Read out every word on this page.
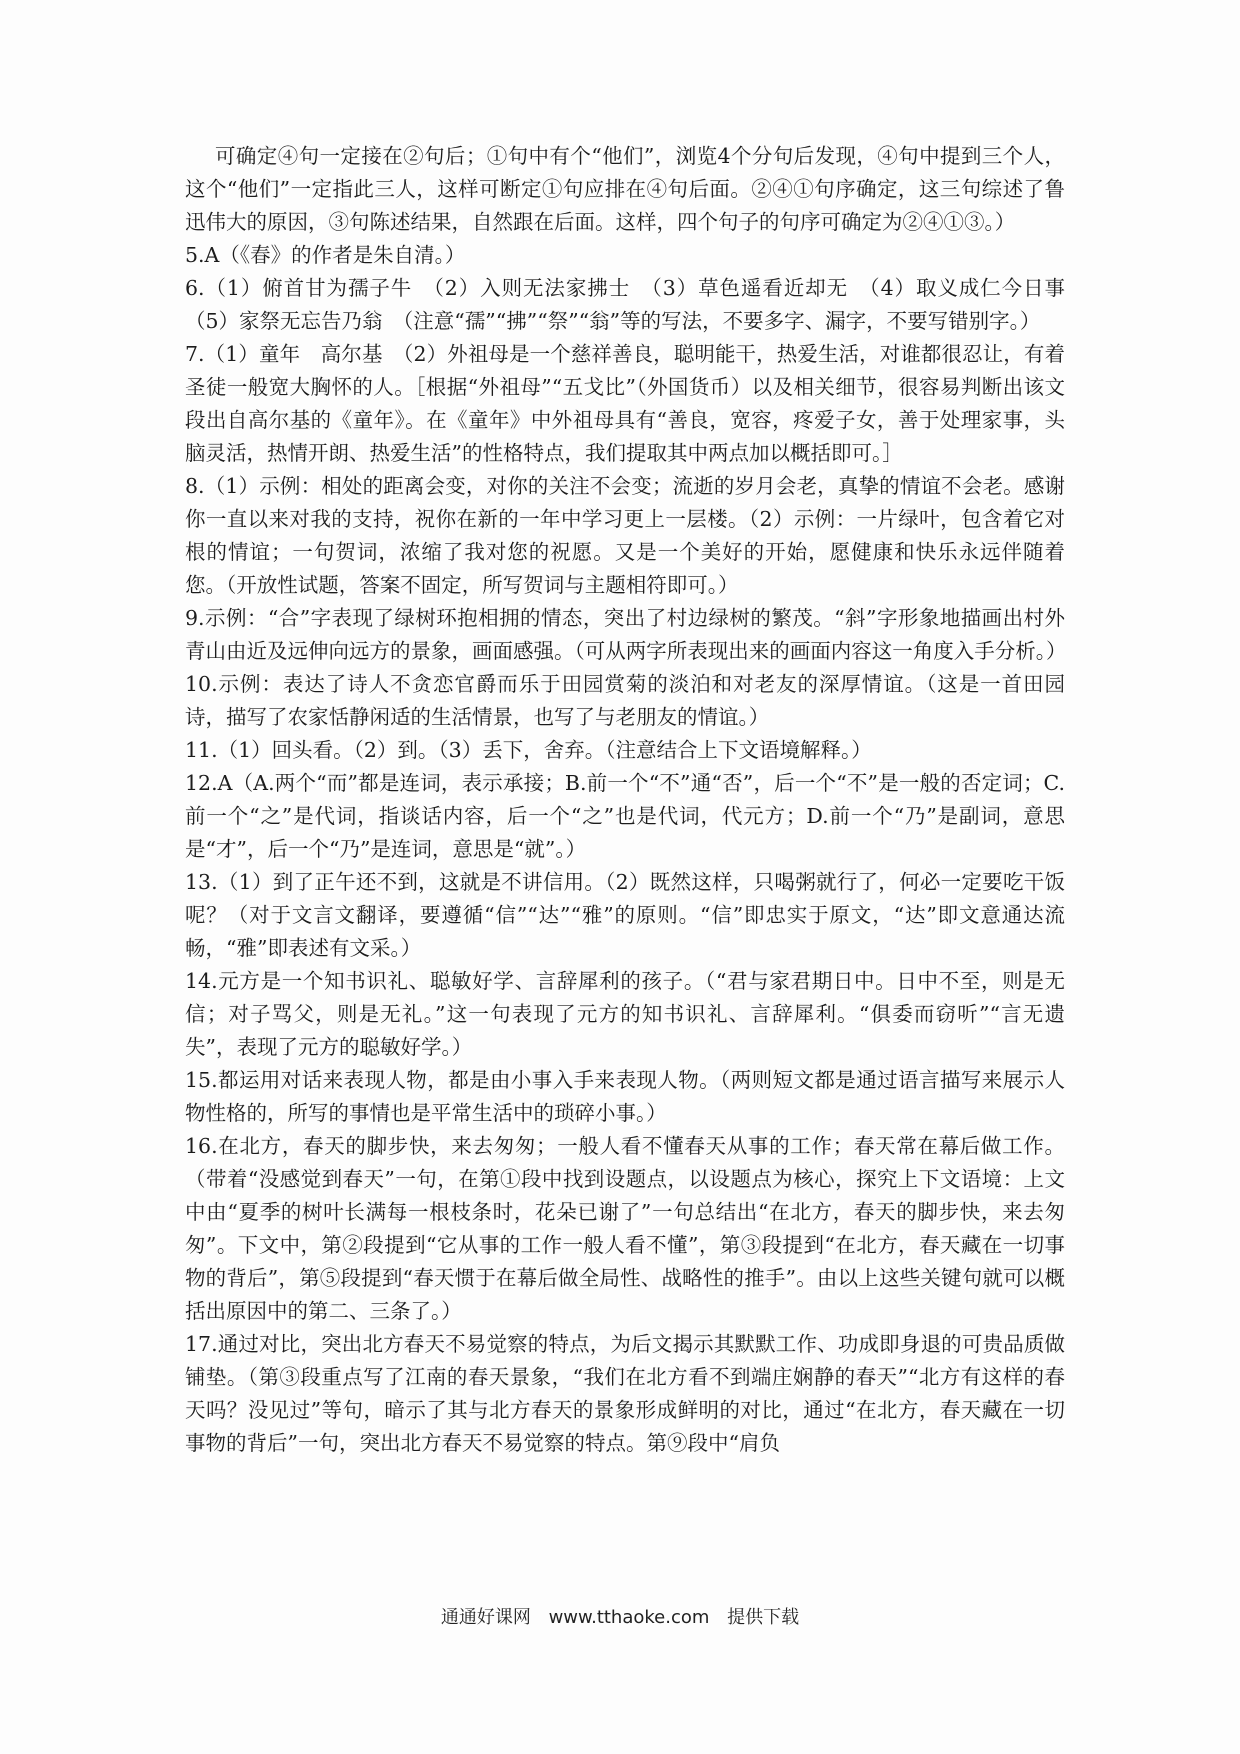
可确定④句一定接在②句后；①句中有个“他们”，浏览4个分句后发现，④句中提到三个人，这个“他们”一定指此三人，这样可断定①句应排在④句后面。②④①句序确定，这三句综述了鲁迅伟大的原因，③句陈述结果，自然跟在后面。这样，四个句子的句序可确定为②④①③。）

5.A（《春》的作者是朱自清。）

6.（1）俯首甘为孺子牛　（2）入则无法家拂士　（3）草色遥看近却无　（4）取义成仁今日事　（5）家祭无忘告乃翁　（注意“孺”“拂”“祭”“翁”等的写法，不要多字、漏字，不要写错别字。）

7.（1）童年　高尔基　（2）外祖母是一个慈祥善良，聪明能干，热爱生活，对谁都很忍让，有着圣徒一般宽大胸怀的人。［根据“外祖母”“五戈比”（外国货币）以及相关细节，很容易判断出该文段出自高尔基的《童年》。在《童年》中外祖母具有“善良，宽容，疼爱子女，善于处理家事，头脑灵活，热情开朗、热爱生活”的性格特点，我们提取其中两点加以概括即可。］

8.（1）示例：相处的距离会变，对你的关注不会变；流逝的岁月会老，真挚的情谊不会老。感谢你一直以来对我的支持，祝你在新的一年中学习更上一层楼。（2）示例：一片绿叶，包含着它对根的情谊；一句贺词，浓缩了我对您的祝愿。又是一个美好的开始，愿健康和快乐永远伴随着您。（开放性试题，答案不固定，所写贺词与主题相符即可。）

9.示例：“合”字表现了绿树环抱相拥的情态，突出了村边绿树的繁茂。“斜”字形象地描画出村外青山由近及远伸向远方的景象，画面感强。（可从两字所表现出来的画面内容这一角度入手分析。）

10.示例：表达了诗人不贪恋官爵而乐于田园赏菊的淡泊和对老友的深厚情谊。（这是一首田园诗，描写了农家恬静闲适的生活情景，也写了与老朋友的情谊。）

11.（1）回头看。（2）到。（3）丢下，舍弃。（注意结合上下文语境解释。）

12.A（A.两个“而”都是连词，表示承接；B.前一个“不”通“否”，后一个“不”是一般的否定词；C.前一个“之”是代词，指谈话内容，后一个“之”也是代词，代元方；D.前一个“乃”是副词，意思是“才”，后一个“乃”是连词，意思是“就”。）

13.（1）到了正午还不到，这就是不讲信用。（2）既然这样，只喝粥就行了，何必一定要吃干饭呢？（对于文言文翻译，要遵循“信”“达”“雅”的原则。“信”即忠实于原文，“达”即文意通达流畅，“雅”即表述有文采。）

14.元方是一个知书识礼、聪敏好学、言辞犀利的孩子。（“君与家君期日中。日中不至，则是无信；对子骂父，则是无礼。”这一句表现了元方的知书识礼、言辞犀利。“俱委而窃听”“言无遗失”，表现了元方的聪敏好学。）

15.都运用对话来表现人物，都是由小事入手来表现人物。（两则短文都是通过语言描写来展示人物性格的，所写的事情也是平常生活中的琐碎小事。）

16.在北方，春天的脚步快，来去匆匆；一般人看不懂春天从事的工作；春天常在幕后做工作。（带着“没感觉到春天”一句，在第①段中找到设题点，以设题点为核心，探究上下文语境：上文中由“夏季的树叶长满每一根枝条时，花朵已谢了”一句总结出“在北方，春天的脚步快，来去匆匆”。下文中，第②段提到“它从事的工作一般人看不懂”，第③段提到“在北方，春天藏在一切事物的背后”，第⑤段提到“春天惯于在幕后做全局性、战略性的推手”。由以上这些关键句就可以概括出原因中的第二、三条了。）

17.通过对比，突出北方春天不易觉察的特点，为后文揭示其默默工作、功成即身退的可贵品质做铺垫。（第③段重点写了江南的春天景象，“我们在北方看不到端庄娴静的春天”“北方有这样的春天吗？没见过”等句，暗示了其与北方春天的景象形成鲜明的对比，通过“在北方，春天藏在一切事物的背后”一句，突出北方春天不易觉察的特点。第⑨段中“肩负

通通好课网 www.tthaoke.com 提供下载
